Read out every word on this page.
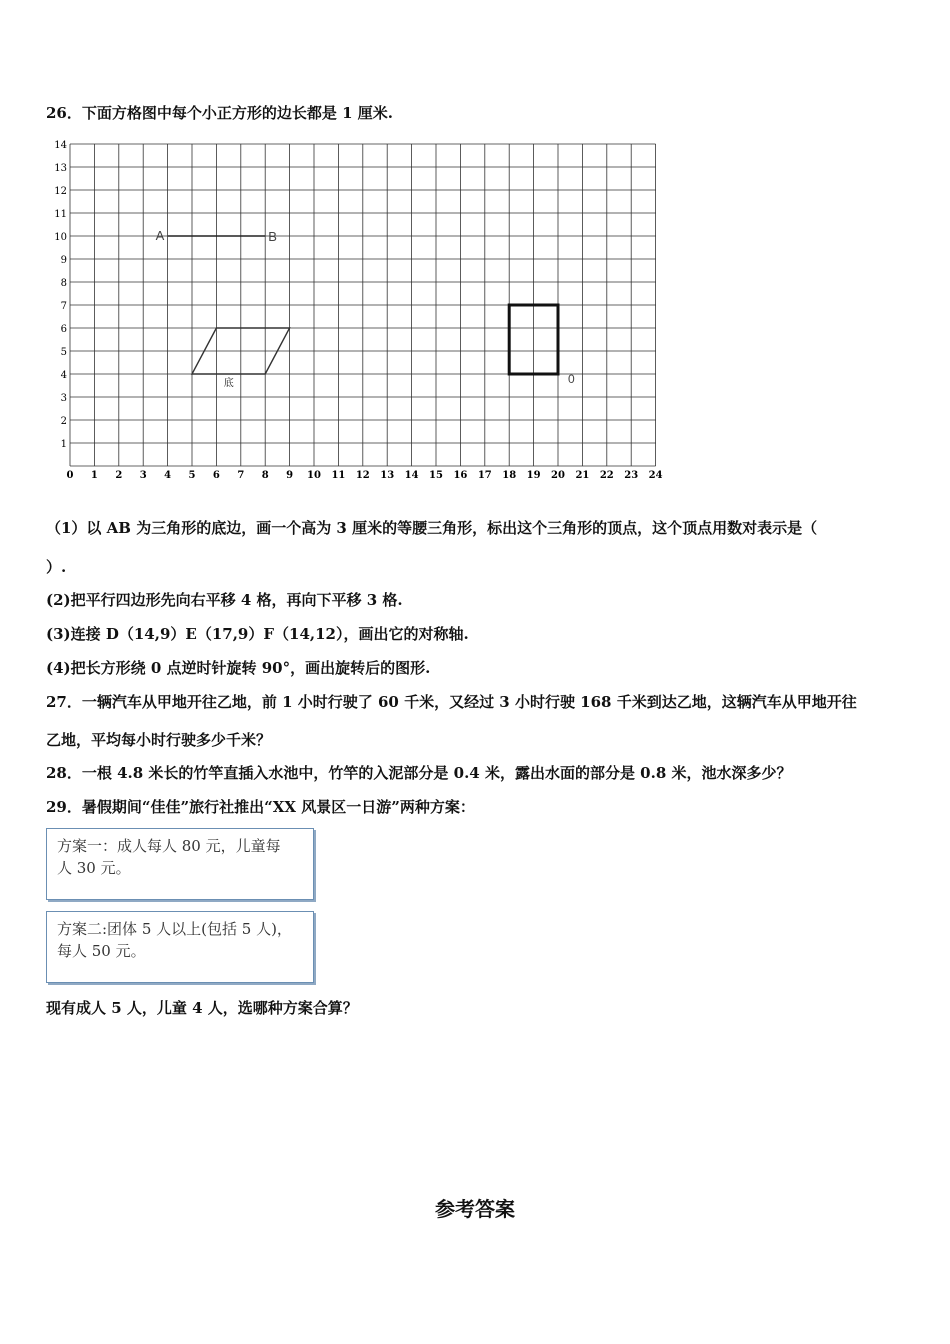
26．下面方格图中每个小正方形的边长都是 1 厘米.
0 1 2 3 4 5 6 7 8 9 10 11 12 13 14 15 16 17 18 19 20 21 22 23 24
1
2
3
4
5
6
7
8
9
10
11
12
13
14
A	B
底	0
（1）以 AB 为三角形的底边，画一个高为 3 厘米的等腰三角形，标出这个三角形的顶点，这个顶点用数对表示是（
）.
(2)把平行四边形先向右平移 4 格，再向下平移 3 格.
(3)连接 D（14,9）E（17,9）F（14,12），画出它的对称轴.
(4)把长方形绕 0 点逆时针旋转 90°，画出旋转后的图形.
27．一辆汽车从甲地开往乙地，前 1 小时行驶了 60 千米，又经过 3 小时行驶 168 千米到达乙地，这辆汽车从甲地开往
乙地，平均每小时行驶多少千米？
28．一根 4.8 米长的竹竿直插入水池中，竹竿的入泥部分是 0.4 米，露出水面的部分是 0.8 米，池水深多少？
29．暑假期间“佳佳”旅行社推出“XX 风景区一日游”两种方案：
方案一：成人每人 80 元，儿童每
人 30 元。
方案二:团体 5 人以上(包括 5 人)，
每人 50 元。
现有成人 5 人，儿童 4 人，选哪种方案合算？
参考答案
